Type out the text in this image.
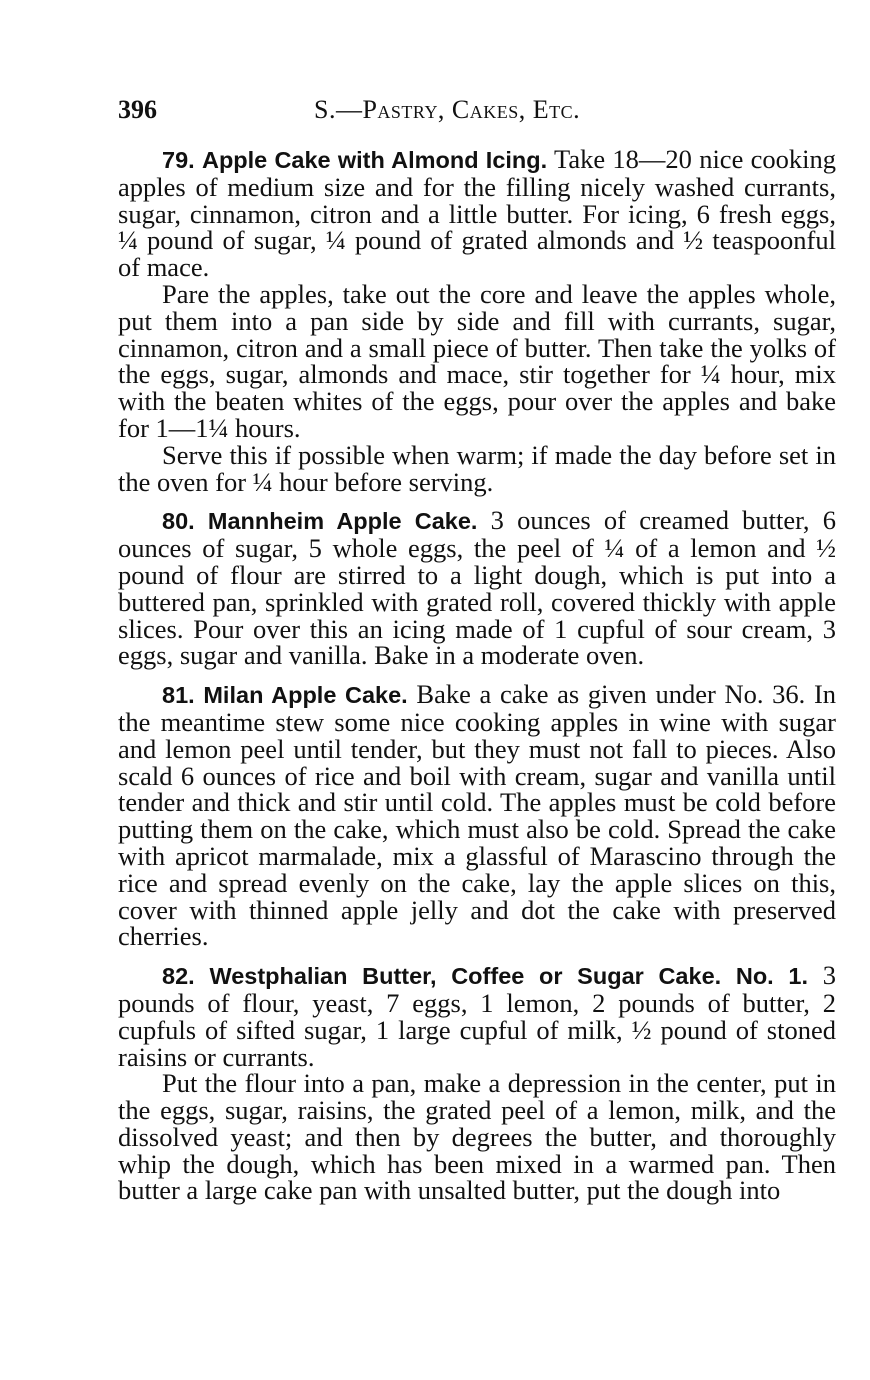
396	S.—Pastry, Cakes, Etc.

79. Apple Cake with Almond Icing. Take 18—20 nice cooking apples of medium size and for the filling nicely washed currants, sugar, cinnamon, citron and a little butter. For icing, 6 fresh eggs, ¼ pound of sugar, ¼ pound of grated almonds and ½ teaspoonful of mace.

Pare the apples, take out the core and leave the apples whole, put them into a pan side by side and fill with currants, sugar, cinnamon, citron and a small piece of butter. Then take the yolks of the eggs, sugar, almonds and mace, stir together for ¼ hour, mix with the beaten whites of the eggs, pour over the apples and bake for 1—1¼ hours.

Serve this if possible when warm; if made the day before set in the oven for ¼ hour before serving.

80. Mannheim Apple Cake. 3 ounces of creamed butter, 6 ounces of sugar, 5 whole eggs, the peel of ¼ of a lemon and ½ pound of flour are stirred to a light dough, which is put into a buttered pan, sprinkled with grated roll, covered thickly with apple slices. Pour over this an icing made of 1 cupful of sour cream, 3 eggs, sugar and vanilla. Bake in a moderate oven.

81. Milan Apple Cake. Bake a cake as given under No. 36. In the meantime stew some nice cooking apples in wine with sugar and lemon peel until tender, but they must not fall to pieces. Also scald 6 ounces of rice and boil with cream, sugar and vanilla until tender and thick and stir until cold. The apples must be cold before putting them on the cake, which must also be cold. Spread the cake with apricot marmalade, mix a glassful of Marascino through the rice and spread evenly on the cake, lay the apple slices on this, cover with thinned apple jelly and dot the cake with preserved cherries.

82. Westphalian Butter, Coffee or Sugar Cake. No. 1. 3 pounds of flour, yeast, 7 eggs, 1 lemon, 2 pounds of butter, 2 cupfuls of sifted sugar, 1 large cupful of milk, ½ pound of stoned raisins or currants.

Put the flour into a pan, make a depression in the center, put in the eggs, sugar, raisins, the grated peel of a lemon, milk, and the dissolved yeast; and then by degrees the butter, and thoroughly whip the dough, which has been mixed in a warmed pan. Then butter a large cake pan with unsalted butter, put the dough into
